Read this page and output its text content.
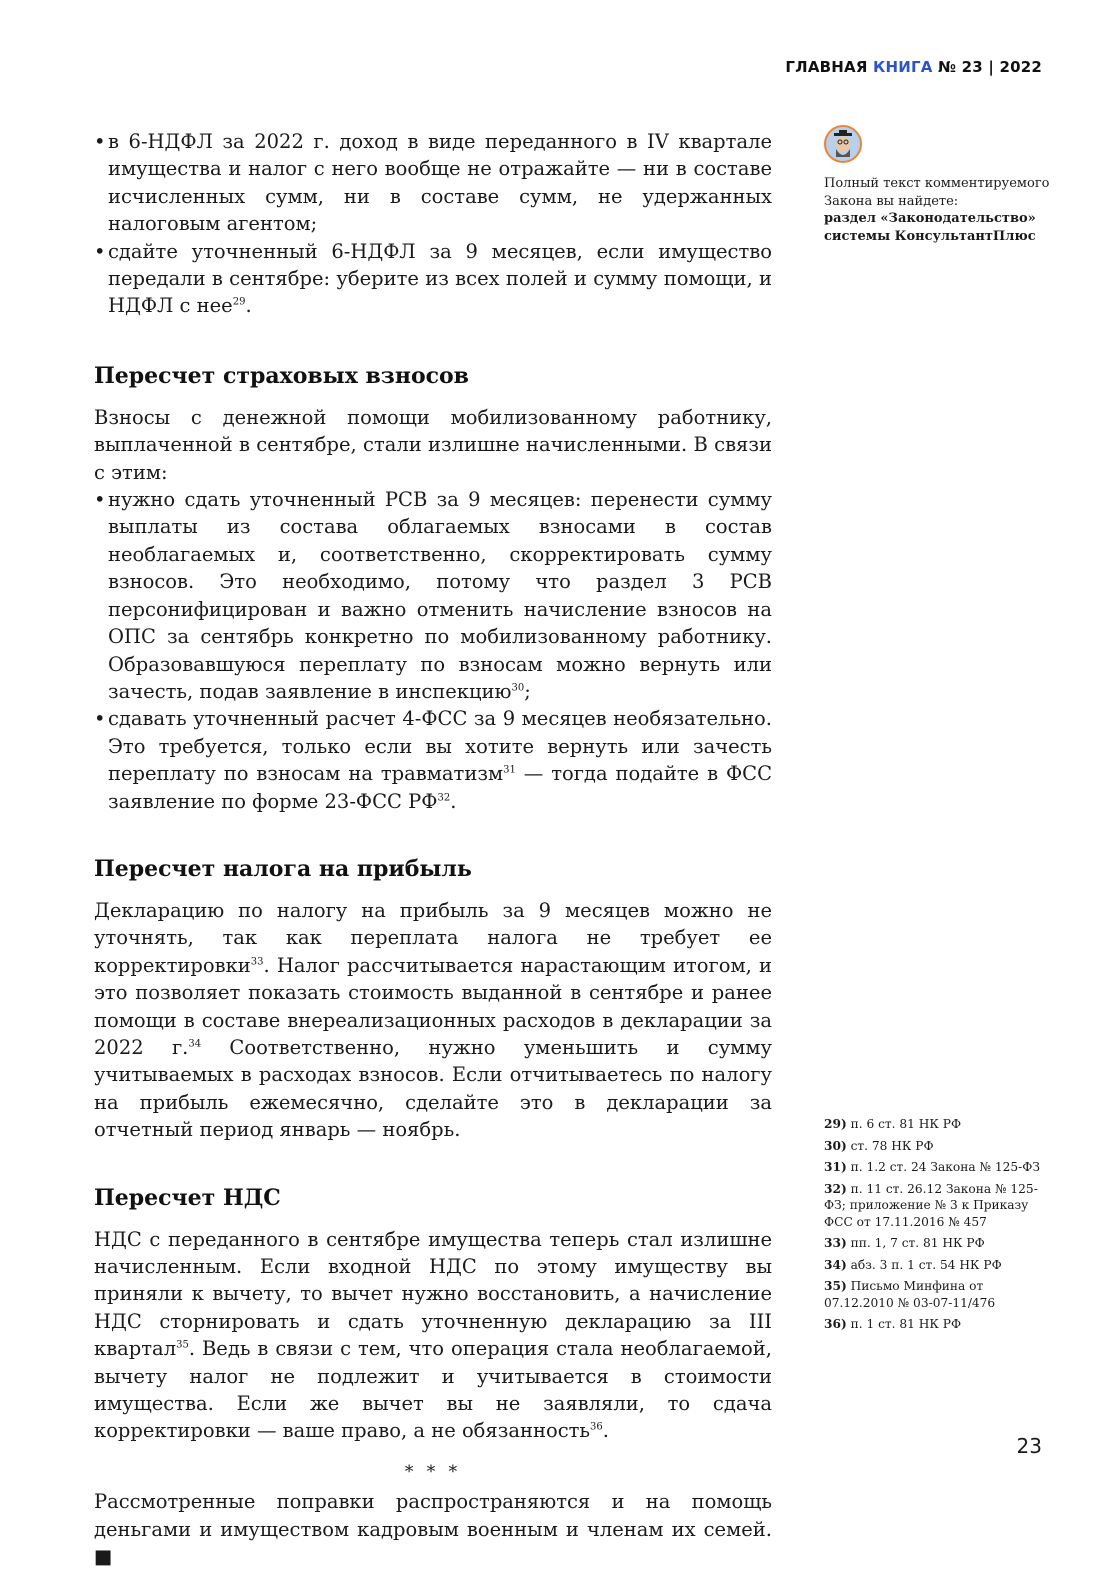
ГЛАВНАЯ КНИГА № 23 | 2022
• в 6-НДФЛ за 2022 г. доход в виде переданного в IV квартале имущества и налог с него вообще не отражайте — ни в составе исчисленных сумм, ни в составе сумм, не удержанных налоговым агентом;
• сдайте уточненный 6-НДФЛ за 9 месяцев, если имущество передали в сентябре: уберите из всех полей и сумму помощи, и НДФЛ с нее$^{29}$.
Пересчет страховых взносов

Взносы с денежной помощи мобилизованному работнику, выплаченной в сентябре, стали излишне начисленными. В связи с этим:

• нужно сдать уточненный РСВ за 9 месяцев: перенести сумму выплаты из состава облагаемых взносами в состав необлагаемых и, соответственно, скорректировать сумму взносов. Это необходимо, потому что раздел 3 РСВ персонифицирован и важно отменить начисление взносов на ОПС за сентябрь конкретно по мобилизованному работнику. Образовавшуюся переплату по взносам можно вернуть или зачесть, подав заявление в инспекцию$^{30}$;
• сдавать уточненный расчет 4-ФСС за 9 месяцев необязательно. Это требуется, только если вы хотите вернуть или зачесть переплату по взносам на травматизм$^{31}$ — тогда подайте в ФСС заявление по форме 23-ФСС РФ$^{32}$.
Пересчет налога на прибыль

Декларацию по налогу на прибыль за 9 месяцев можно не уточнять, так как переплата налога не требует ее корректировки$^{33}$. Налог рассчитывается нарастающим итогом, и это позволяет показать стоимость выданной в сентябре и ранее помощи в составе внереализационных расходов в декларации за 2022 г.$^{34}$ Соответственно, нужно уменьшить и сумму учитываемых в расходах взносов. Если отчитываетесь по налогу на прибыль ежемесячно, сделайте это в декларации за отчетный период январь — ноябрь.

Пересчет НДС

НДС с переданного в сентябре имущества теперь стал излишне начисленным. Если входной НДС по этому имуществу вы приняли к вычету, то вычет нужно восстановить, а начисление НДС сторнировать и сдать уточненную декларацию за III квартал$^{35}$. Ведь в связи с тем, что операция стала необлагаемой, вычету налог не подлежит и учитывается в стоимости имущества. Если же вычет вы не заявляли, то сдача корректировки — ваше право, а не обязанность$^{36}$.

* * *

Рассмотренные поправки распространяются и на помощь деньгами и имуществом кадровым военным и членам их семей. ■

Полный текст комментируемого Закона вы найдете:
раздел «Законодательство» системы КонсультантПлюс
29) п. 6 ст. 81 НК РФ
30) ст. 78 НК РФ
31) п. 1.2 ст. 24 Закона № 125-ФЗ
32) п. 11 ст. 26.12 Закона № 125-ФЗ; приложение № 3 к Приказу ФСС от 17.11.2016 № 457
33) пп. 1, 7 ст. 81 НК РФ
34) абз. 3 п. 1 ст. 54 НК РФ
35) Письмо Минфина от 07.12.2010 № 03-07-11/476
36) п. 1 ст. 81 НК РФ
23
